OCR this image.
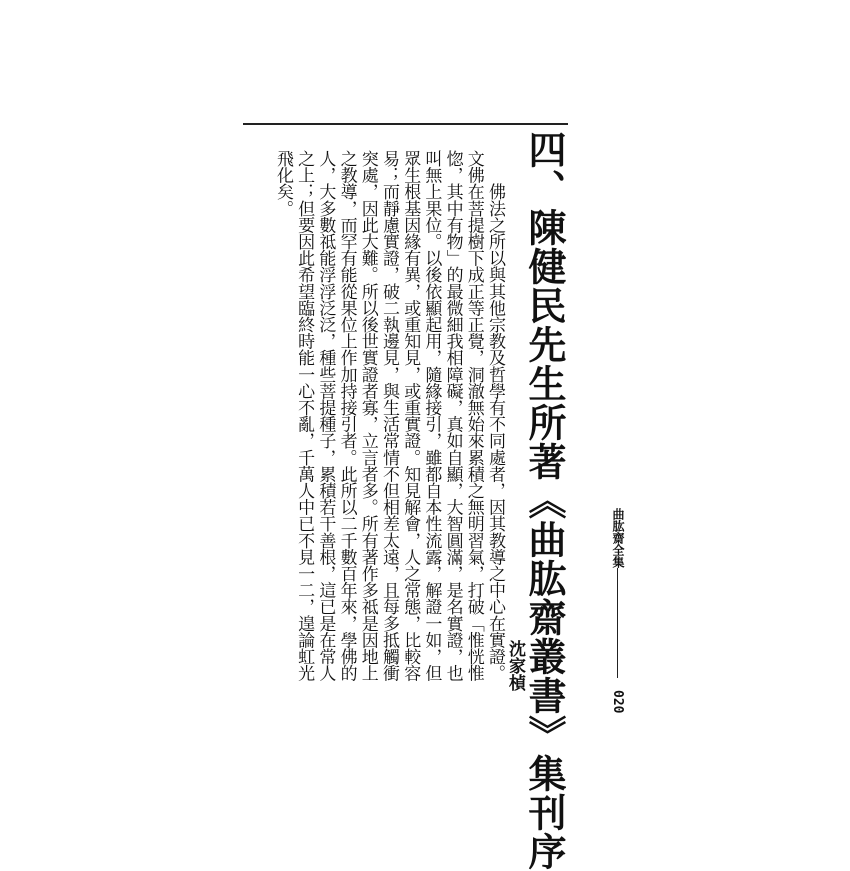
四、陳健民先生所著《曲肱齋叢書》集刊序
沈家楨

　　佛法之所以與其他宗教及哲學有不同處者，因其教導之中心在實證。
文佛在菩提樹下成正等正覺，洞澈無始來累積之無明習氣，打破「惟恍惟
惚，其中有物」的最微細我相障礙，真如自顯，大智圓滿，是名實證，也
叫無上果位。以後依顯起用，隨緣接引，雖都自本性流露，解證一如，但
眾生根基因緣有異，或重知見，或重實證。知見解會，人之常態，比較容
易；而靜慮實證，破二執邊見，與生活常情不但相差太遠，且每多抵觸衝
突處，因此大難。所以後世實證者寡，立言者多。所有著作多祗是因地上
之教導，而罕有能從果位上作加持接引者。此所以二千數百年來，學佛的
人，大多數祗能浮浮泛泛，種些菩提種子，累積若干善根，這已是在常人
之上；但要因此希望臨終時能一心不亂，千萬人中已不見一二，遑論虹光
飛化矣。

曲肱齋全集
020
